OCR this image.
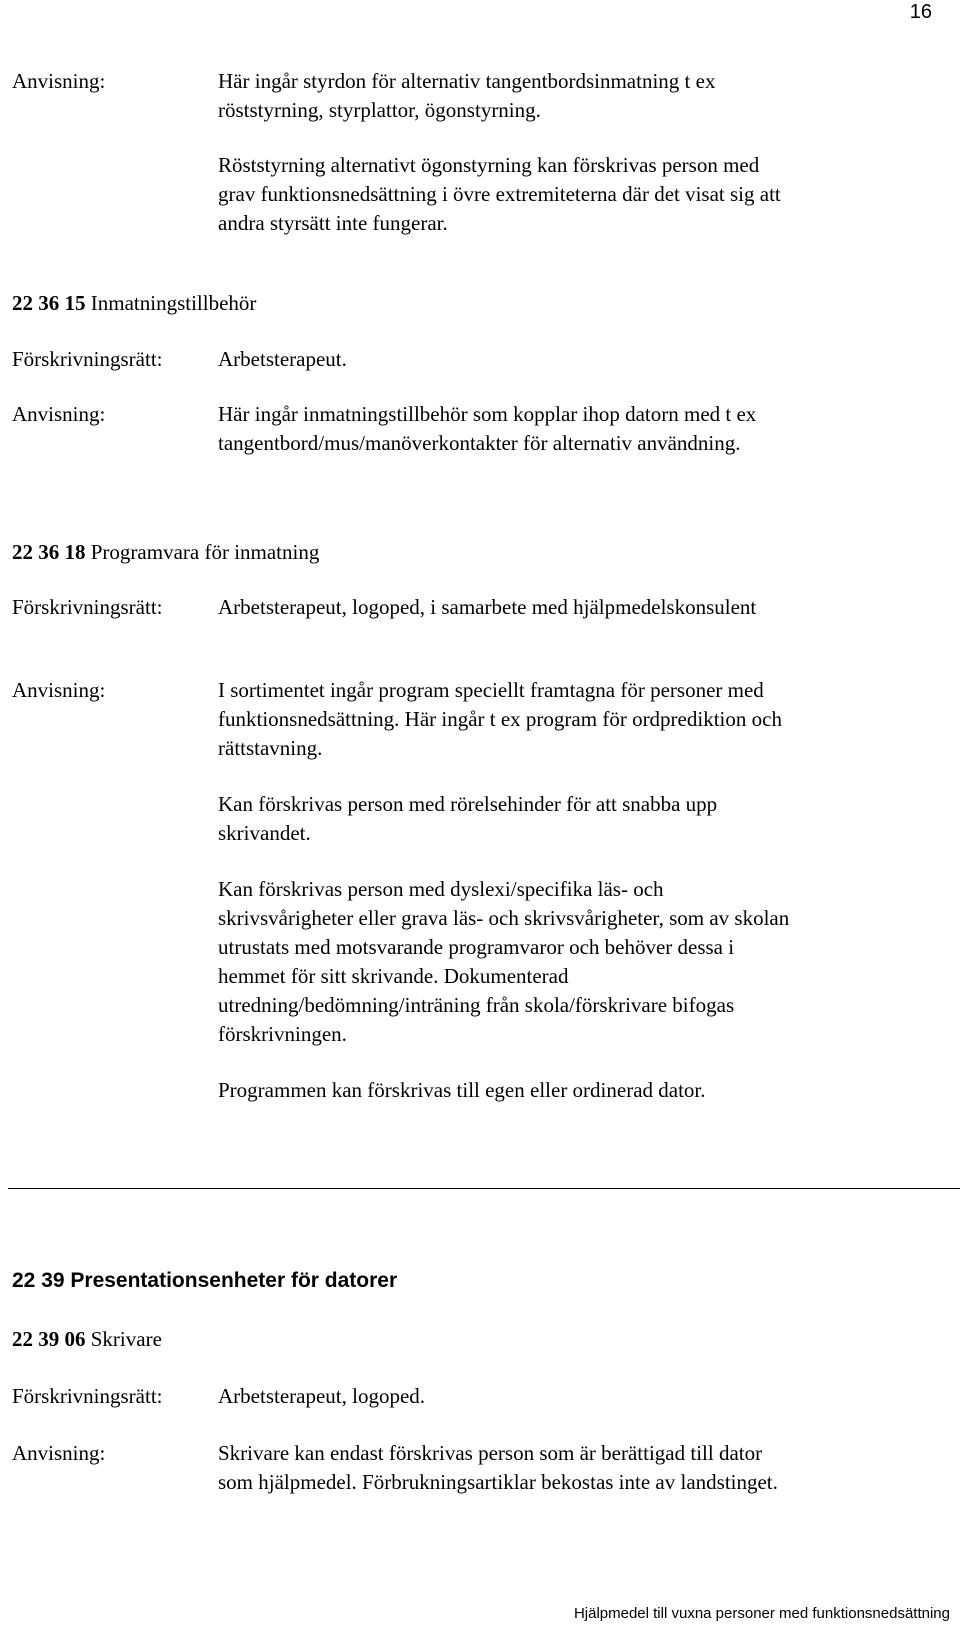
16
Anvisning:	Här ingår styrdon för alternativ tangentbordsinmatning t ex röststyrning, styrplattor, ögonstyrning.

Röststyrning alternativt ögonstyrning kan förskrivas person med grav funktionsnedsättning i övre extremiteterna där det visat sig att andra styrsätt inte fungerar.

22 36 15 Inmatningstillbehör
Förskrivningsrätt:	Arbetsterapeut.
Anvisning:	Här ingår inmatningstillbehör som kopplar ihop datorn med t ex tangentbord/mus/manöverkontakter för alternativ användning.

22 36 18 Programvara för inmatning
Förskrivningsrätt:	Arbetsterapeut, logoped, i samarbete med hjälpmedelskonsulent
Anvisning:	I sortimentet ingår program speciellt framtagna för personer med funktionsnedsättning. Här ingår t ex program för ordprediktion och rättstavning.

Kan förskrivas person med rörelsehinder för att snabba upp skrivandet.

Kan förskrivas person med dyslexi/specifika läs- och skrivsvårigheter eller grava läs- och skrivsvårigheter, som av skolan utrustats med motsvarande programvaror och behöver dessa i hemmet för sitt skrivande. Dokumenterad utredning/bedömning/inträning från skola/förskrivare bifogas förskrivningen.

Programmen kan förskrivas till egen eller ordinerad dator.

22 39 Presentationsenheter för datorer
22 39 06 Skrivare
Förskrivningsrätt:	Arbetsterapeut, logoped.
Anvisning:	Skrivare kan endast förskrivas person som är berättigad till dator som hjälpmedel. Förbrukningsartiklar bekostas inte av landstinget.

Hjälpmedel till vuxna personer med funktionsnedsättning
